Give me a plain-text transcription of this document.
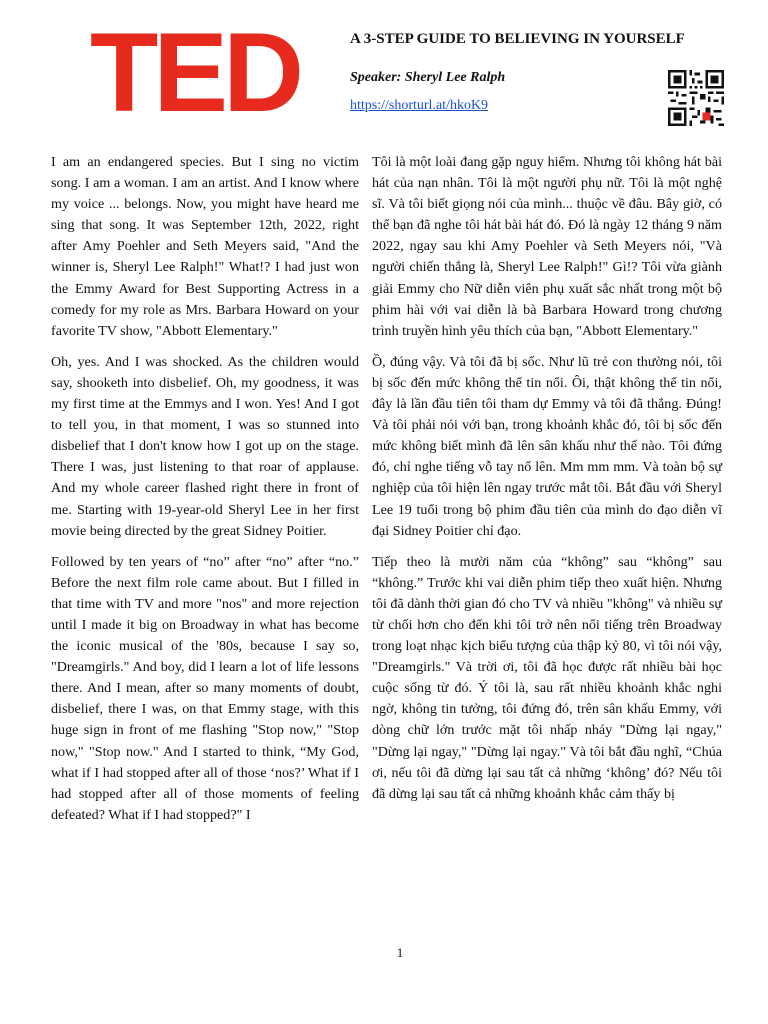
TED	A 3-STEP GUIDE TO BELIEVING IN YOURSELF
Speaker: Sheryl Lee Ralph
https://shorturl.at/hkoK9

I am an endangered species. But I sing no victim song. I am a woman. I am an artist. And I know where my voice ... belongs. Now, you might have heard me sing that song. It was September 12th, 2022, right after Amy Poehler and Seth Meyers said, "And the winner is, Sheryl Lee Ralph!" What!? I had just won the Emmy Award for Best Supporting Actress in a comedy for my role as Mrs. Barbara Howard on your favorite TV show, "Abbott Elementary."

Oh, yes. And I was shocked. As the children would say, shooketh into disbelief. Oh, my goodness, it was my first time at the Emmys and I won. Yes! And I got to tell you, in that moment, I was so stunned into disbelief that I don't know how I got up on the stage. There I was, just listening to that roar of applause. And my whole career flashed right there in front of me. Starting with 19-year-old Sheryl Lee in her first movie being directed by the great Sidney Poitier.

Followed by ten years of “no” after “no” after “no.” Before the next film role came about. But I filled in that time with TV and more "nos" and more rejection until I made it big on Broadway in what has become the iconic musical of the '80s, because I say so, "Dreamgirls." And boy, did I learn a lot of life lessons there. And I mean, after so many moments of doubt, disbelief, there I was, on that Emmy stage, with this huge sign in front of me flashing "Stop now," "Stop now," "Stop now." And I started to think, “My God, what if I had stopped after all of those ‘nos?’ What if I had stopped after all of those moments of feeling defeated? What if I had stopped?" I

Tôi là một loài đang gặp nguy hiểm. Nhưng tôi không hát bài hát của nạn nhân. Tôi là một người phụ nữ. Tôi là một nghệ sĩ. Và tôi biết giọng nói của mình... thuộc về đâu. Bây giờ, có thể bạn đã nghe tôi hát bài hát đó. Đó là ngày 12 tháng 9 năm 2022, ngay sau khi Amy Poehler và Seth Meyers nói, "Và người chiến thắng là, Sheryl Lee Ralph!" Gì!? Tôi vừa giành giải Emmy cho Nữ diễn viên phụ xuất sắc nhất trong một bộ phim hài với vai diễn là bà Barbara Howard trong chương trình truyền hình yêu thích của bạn, "Abbott Elementary."

Ồ, đúng vậy. Và tôi đã bị sốc. Như lũ trẻ con thường nói, tôi bị sốc đến mức không thể tin nổi. Ôi, thật không thể tin nổi, đây là lần đầu tiên tôi tham dự Emmy và tôi đã thắng. Đúng! Và tôi phải nói với bạn, trong khoảnh khắc đó, tôi bị sốc đến mức không biết mình đã lên sân khấu như thế nào. Tôi đứng đó, chỉ nghe tiếng vỗ tay nổ lên. Mm mm mm. Và toàn bộ sự nghiệp của tôi hiện lên ngay trước mắt tôi. Bắt đầu với Sheryl Lee 19 tuổi trong bộ phim đầu tiên của mình do đạo diễn vĩ đại Sidney Poitier chỉ đạo.

Tiếp theo là mười năm của “không” sau “không” sau “không.” Trước khi vai diễn phim tiếp theo xuất hiện. Nhưng tôi đã dành thời gian đó cho TV và nhiều "không" và nhiều sự từ chối hơn cho đến khi tôi trở nên nổi tiếng trên Broadway trong loạt nhạc kịch biểu tượng của thập kỷ 80, vì tôi nói vậy, "Dreamgirls." Và trời ơi, tôi đã học được rất nhiều bài học cuộc sống từ đó. Ý tôi là, sau rất nhiều khoảnh khắc nghi ngờ, không tin tưởng, tôi đứng đó, trên sân khấu Emmy, với dòng chữ lớn trước mặt tôi nhấp nháy "Dừng lại ngay," "Dừng lại ngay," "Dừng lại ngay." Và tôi bắt đầu nghĩ, “Chúa ơi, nếu tôi đã dừng lại sau tất cả những ‘không’ đó? Nếu tôi đã dừng lại sau tất cả những khoảnh khắc cảm thấy bị

1
